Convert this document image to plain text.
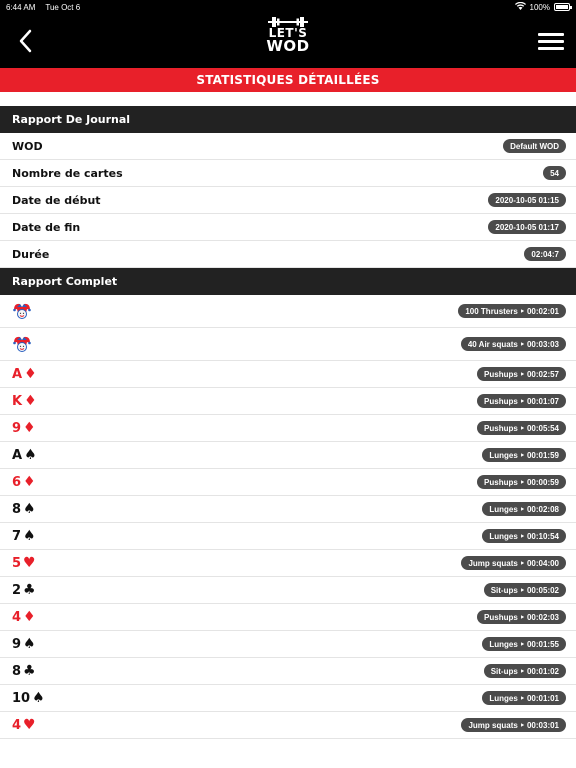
6:44 AM Tue Oct 6	100%
LET'S
WOD
STATISTIQUES DÉTAILLÉES
Rapport De Journal
WOD	Default WOD
Nombre de cartes	54
Date de début	2020-10-05 01:15
Date de fin	2020-10-05 01:17
Durée	02:04:7
Rapport Complet
100 Thrusters ‣ 00:02:01
40 Air squats ‣ 00:03:03
A ♦	Pushups ‣ 00:02:57
K ♦	Pushups ‣ 00:01:07
9 ♦	Pushups ‣ 00:05:54
A ♠	Lunges ‣ 00:01:59
6 ♦	Pushups ‣ 00:00:59
8 ♠	Lunges ‣ 00:02:08
7 ♠	Lunges ‣ 00:10:54
5 ♥	Jump squats ‣ 00:04:00
2 ♣	Sit-ups ‣ 00:05:02
4 ♦	Pushups ‣ 00:02:03
9 ♠	Lunges ‣ 00:01:55
8 ♣	Sit-ups ‣ 00:01:02
10 ♠	Lunges ‣ 00:01:01
4 ♥	Jump squats ‣ 00:03:01
